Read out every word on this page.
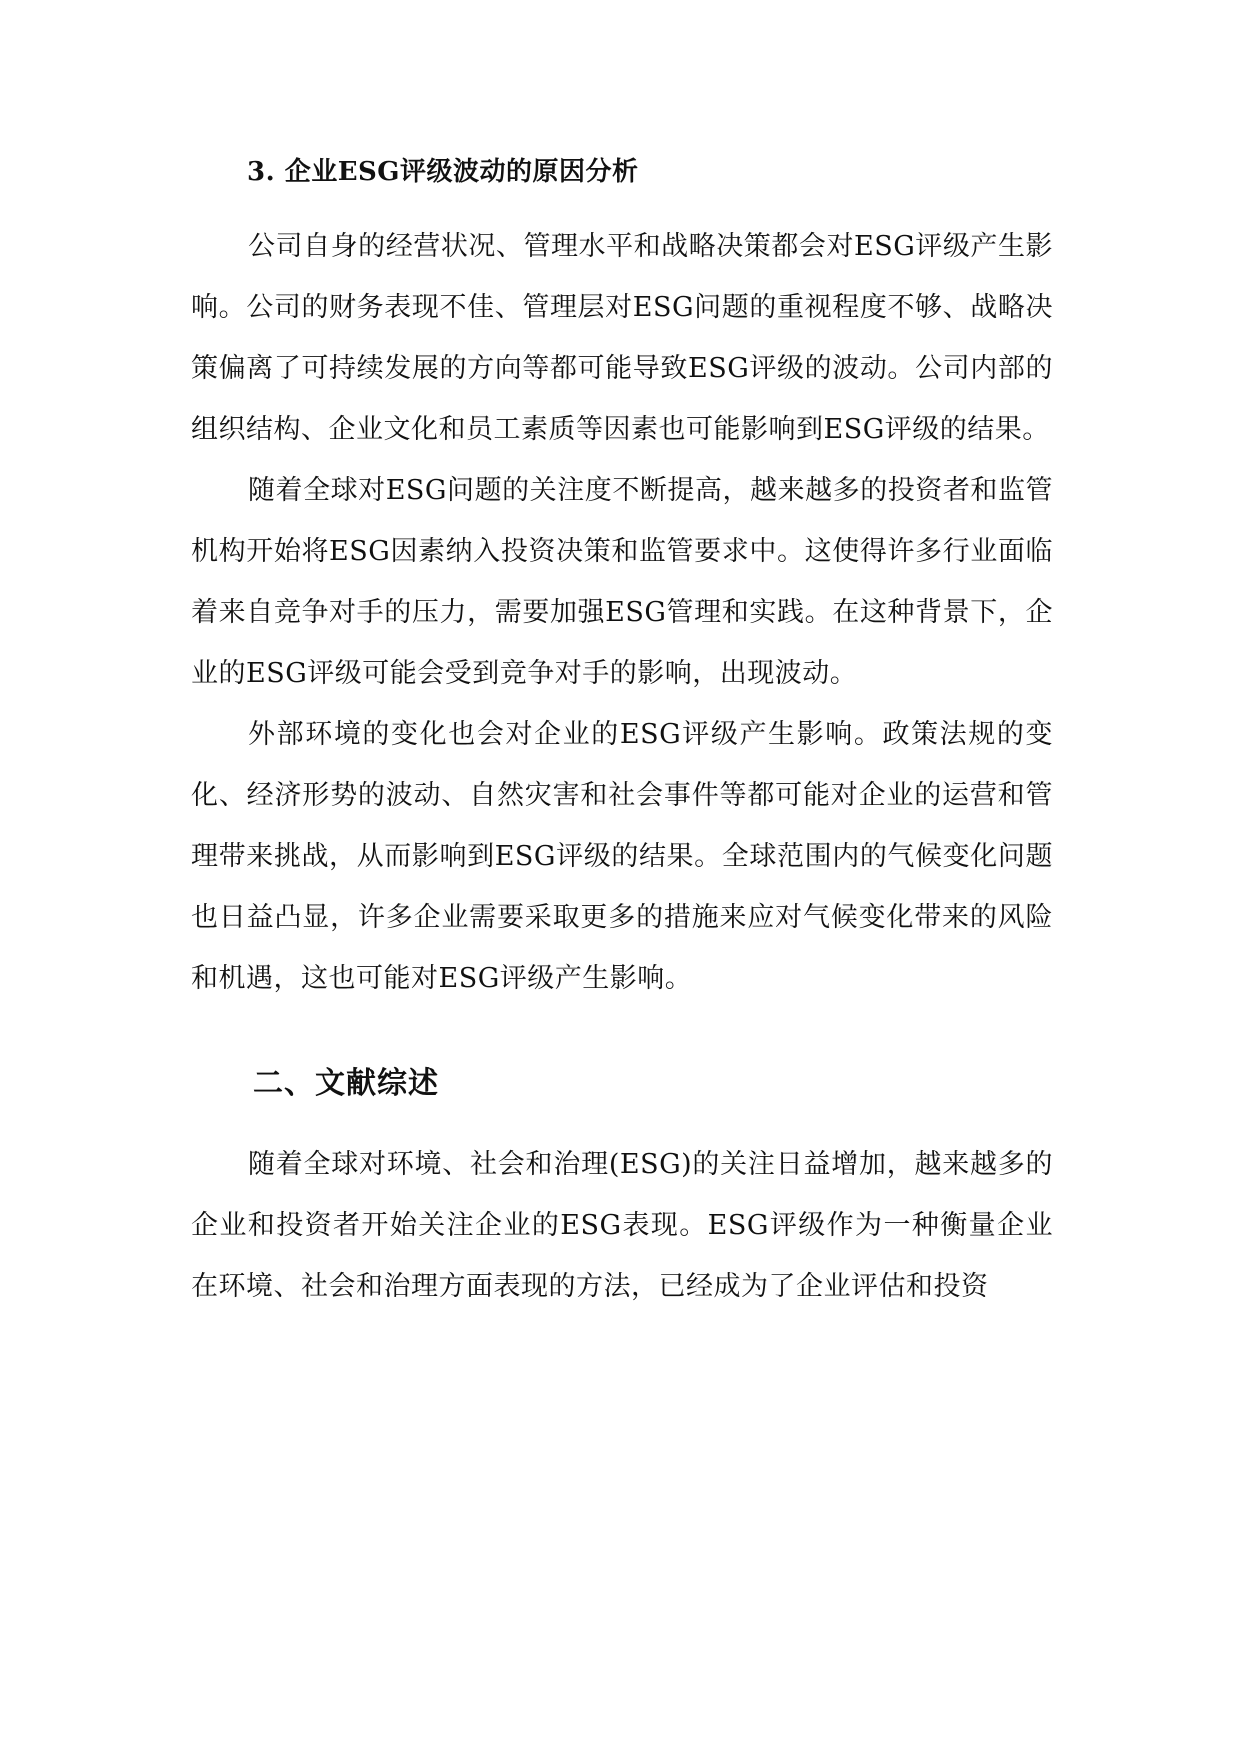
3. 企业ESG评级波动的原因分析

公司自身的经营状况、管理水平和战略决策都会对ESG评级产生影响。公司的财务表现不佳、管理层对ESG问题的重视程度不够、战略决策偏离了可持续发展的方向等都可能导致ESG评级的波动。公司内部的组织结构、企业文化和员工素质等因素也可能影响到ESG评级的结果。

随着全球对ESG问题的关注度不断提高，越来越多的投资者和监管机构开始将ESG因素纳入投资决策和监管要求中。这使得许多行业面临着来自竞争对手的压力，需要加强ESG管理和实践。在这种背景下，企业的ESG评级可能会受到竞争对手的影响，出现波动。

外部环境的变化也会对企业的ESG评级产生影响。政策法规的变化、经济形势的波动、自然灾害和社会事件等都可能对企业的运营和管理带来挑战，从而影响到ESG评级的结果。全球范围内的气候变化问题也日益凸显，许多企业需要采取更多的措施来应对气候变化带来的风险和机遇，这也可能对ESG评级产生影响。

二、文献综述

随着全球对环境、社会和治理(ESG)的关注日益增加，越来越多的企业和投资者开始关注企业的ESG表现。ESG评级作为一种衡量企业在环境、社会和治理方面表现的方法，已经成为了企业评估和投资
